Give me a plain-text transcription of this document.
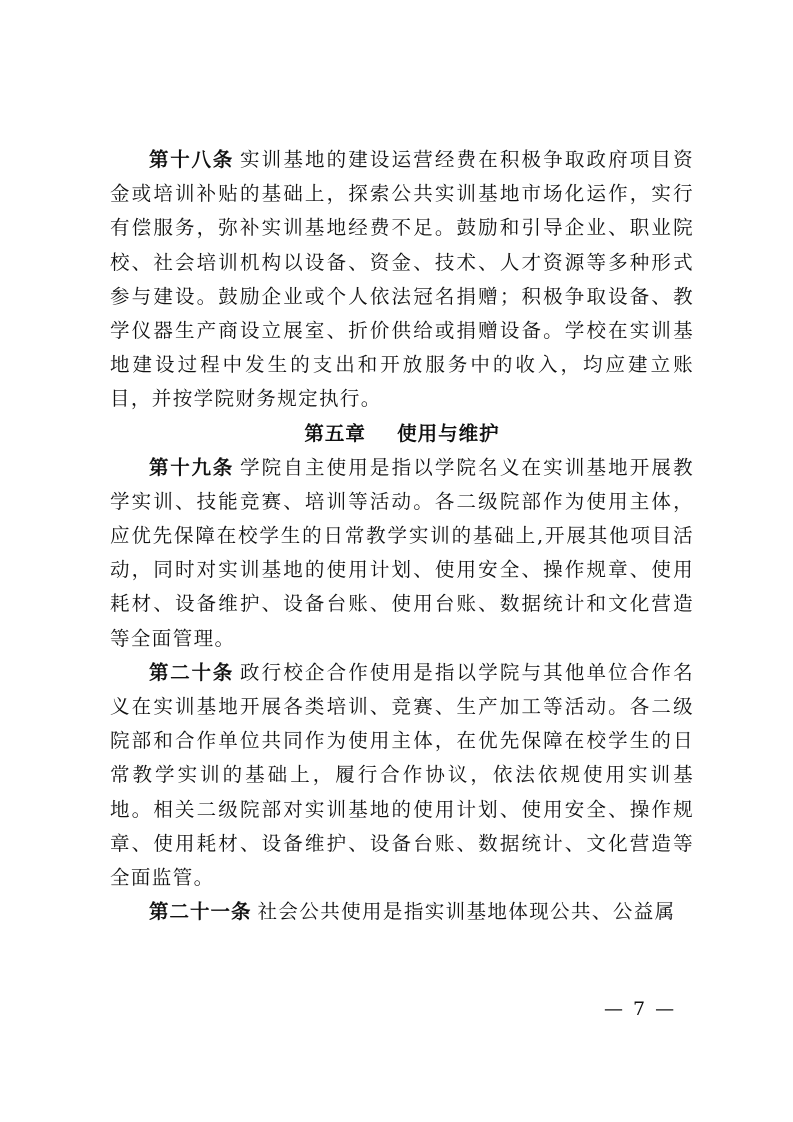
第十八条 实训基地的建设运营经费在积极争取政府项目资金或培训补贴的基础上，探索公共实训基地市场化运作，实行有偿服务，弥补实训基地经费不足。鼓励和引导企业、职业院校、社会培训机构以设备、资金、技术、人才资源等多种形式参与建设。鼓励企业或个人依法冠名捐赠；积极争取设备、教学仪器生产商设立展室、折价供给或捐赠设备。学校在实训基地建设过程中发生的支出和开放服务中的收入，均应建立账目，并按学院财务规定执行。

第五章    使用与维护

第十九条 学院自主使用是指以学院名义在实训基地开展教学实训、技能竞赛、培训等活动。各二级院部作为使用主体，应优先保障在校学生的日常教学实训的基础上,开展其他项目活动，同时对实训基地的使用计划、使用安全、操作规章、使用耗材、设备维护、设备台账、使用台账、数据统计和文化营造等全面管理。

第二十条 政行校企合作使用是指以学院与其他单位合作名义在实训基地开展各类培训、竞赛、生产加工等活动。各二级院部和合作单位共同作为使用主体，在优先保障在校学生的日常教学实训的基础上，履行合作协议，依法依规使用实训基地。相关二级院部对实训基地的使用计划、使用安全、操作规章、使用耗材、设备维护、设备台账、数据统计、文化营造等全面监管。

第二十一条 社会公共使用是指实训基地体现公共、公益属

— 7 —
